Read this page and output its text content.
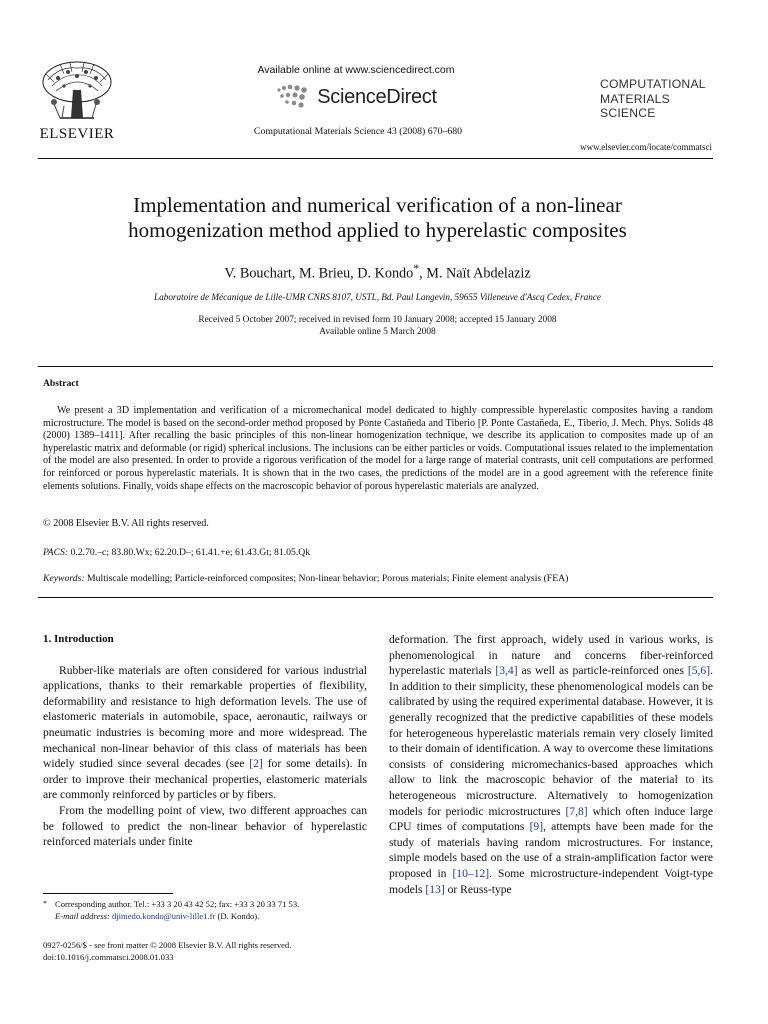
ELSEVIER
Available online at www.sciencedirect.com
ScienceDirect
Computational Materials Science 43 (2008) 670–680
COMPUTATIONAL
MATERIALS
SCIENCE
www.elsevier.com/locate/commatsci
Implementation and numerical verification of a non-linear
homogenization method applied to hyperelastic composites
V. Bouchart, M. Brieu, D. Kondo*, M. Naït Abdelaziz
Laboratoire de Mécanique de Lille-UMR CNRS 8107, USTL, Bd. Paul Langevin, 59655 Villeneuve d'Ascq Cedex, France
Received 5 October 2007; received in revised form 10 January 2008; accepted 15 January 2008
Available online 5 March 2008
Abstract

We present a 3D implementation and verification of a micromechanical model dedicated to highly compressible hyperelastic composites having a random microstructure. The model is based on the second-order method proposed by Ponte Castañeda and Tiberio [P. Ponte Castañeda, E., Tiberio, J. Mech. Phys. Solids 48 (2000) 1389–1411]. After recalling the basic principles of this non-linear homogenization technique, we describe its application to composites made up of an hyperelastic matrix and deformable (or rigid) spherical inclusions. The inclusions can be either particles or voids. Computational issues related to the implementation of the model are also presented. In order to provide a rigorous verification of the model for a large range of material contrasts, unit cell computations are performed for reinforced or porous hyperelastic materials. It is shown that in the two cases, the predictions of the model are in a good agreement with the reference finite elements solutions. Finally, voids shape effects on the macroscopic behavior of porous hyperelastic materials are analyzed.

© 2008 Elsevier B.V. All rights reserved.
PACS: 0.2.70.–c; 83.80.Wx; 62.20.D–; 61.41.+e; 61.43.Gt; 81.05.Qk
Keywords: Multiscale modelling; Particle-reinforced composites; Non-linear behavior; Porous materials; Finite element analysis (FEA)
1. Introduction

Rubber-like materials are often considered for various industrial applications, thanks to their remarkable properties of flexibility, deformability and resistance to high deformation levels. The use of elastomeric materials in automobile, space, aeronautic, railways or pneumatic industries is becoming more and more widespread. The mechanical non-linear behavior of this class of materials has been widely studied since several decades (see [2] for some details). In order to improve their mechanical properties, elastomeric materials are commonly reinforced by particles or by fibers.

From the modelling point of view, two different approaches can be followed to predict the non-linear behavior of hyperelastic reinforced materials under finite

deformation. The first approach, widely used in various works, is phenomenological in nature and concerns fiber-reinforced hyperelastic materials [3,4] as well as particle-reinforced ones [5,6]. In addition to their simplicity, these phenomenological models can be calibrated by using the required experimental database. However, it is generally recognized that the predictive capabilities of these models for heterogeneous hyperelastic materials remain very closely limited to their domain of identification. A way to overcome these limitations consists of considering micromechanics-based approaches which allow to link the macroscopic behavior of the material to its heterogeneous microstructure. Alternatively to homogenization models for periodic microstructures [7,8] which often induce large CPU times of computations [9], attempts have been made for the study of materials having random microstructures. For instance, simple models based on the use of a strain-amplification factor were proposed in [10–12]. Some microstructure-independent Voigt-type models [13] or Reuss-type

* Corresponding author. Tel.: +33 3 20 43 42 52; fax: +33 3 20 33 71 53.
E-mail address: djimedo.kondo@univ-lille1.fr (D. Kondo).
0927-0256/$ - see front matter © 2008 Elsevier B.V. All rights reserved.
doi:10.1016/j.commatsci.2008.01.033
